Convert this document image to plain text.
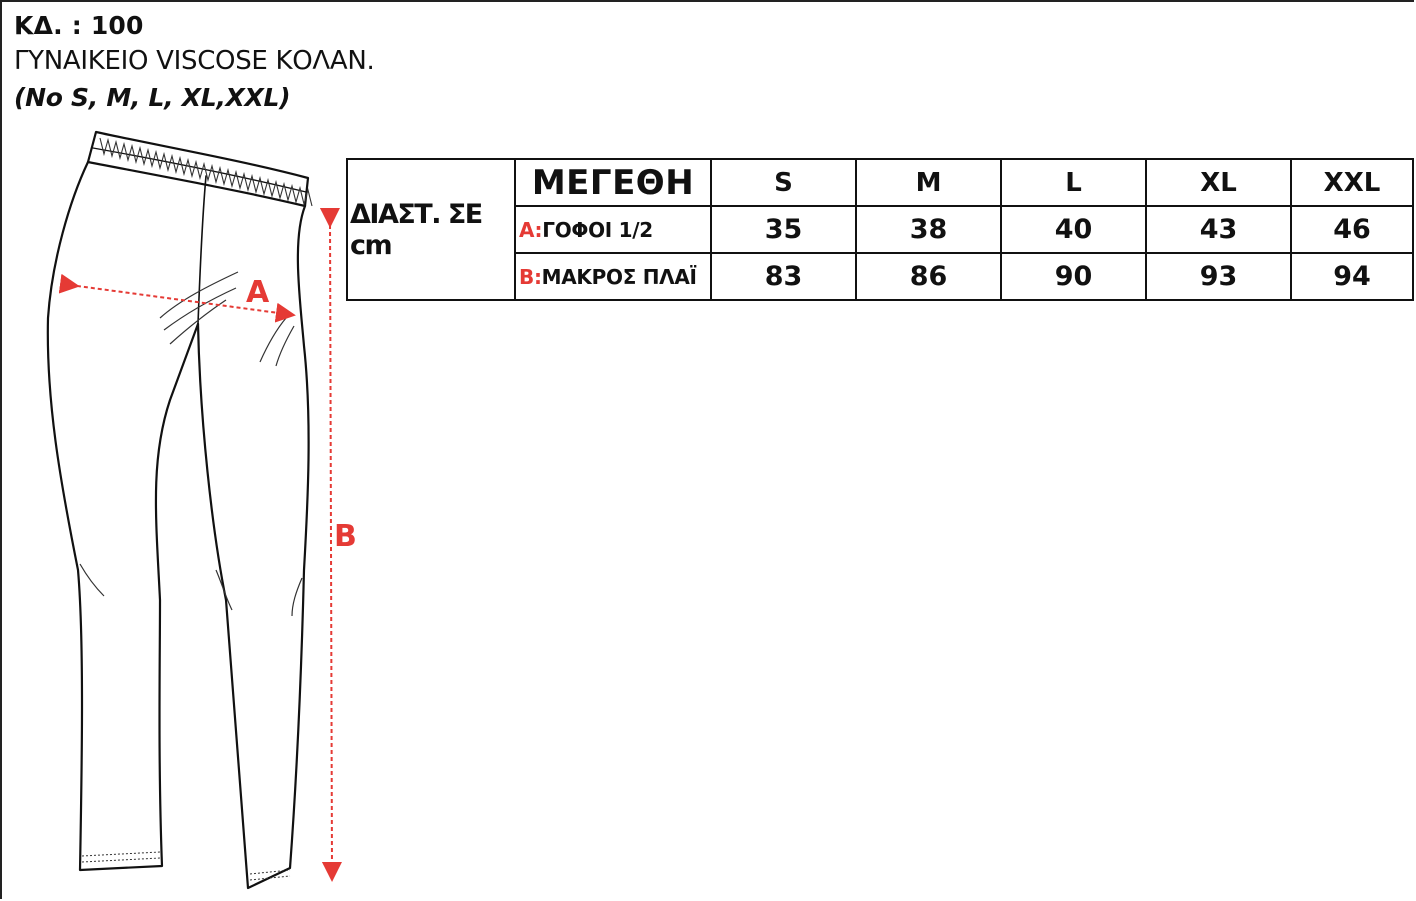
ΚΔ. : 100
ΓΥΝΑΙΚΕΙΟ VISCOSE ΚΟΛΑΝ.
(No S, M, L, XL,XXL)
A
B
ΔΙΑΣΤ. ΣΕ cm	ΜΕΓΕΘΗ	S	M	L	XL	XXL
	A:ΓΟΦΟΙ 1/2	35	38	40	43	46
	B:ΜΑΚΡΟΣ ΠΛΑΪ	83	86	90	93	94
